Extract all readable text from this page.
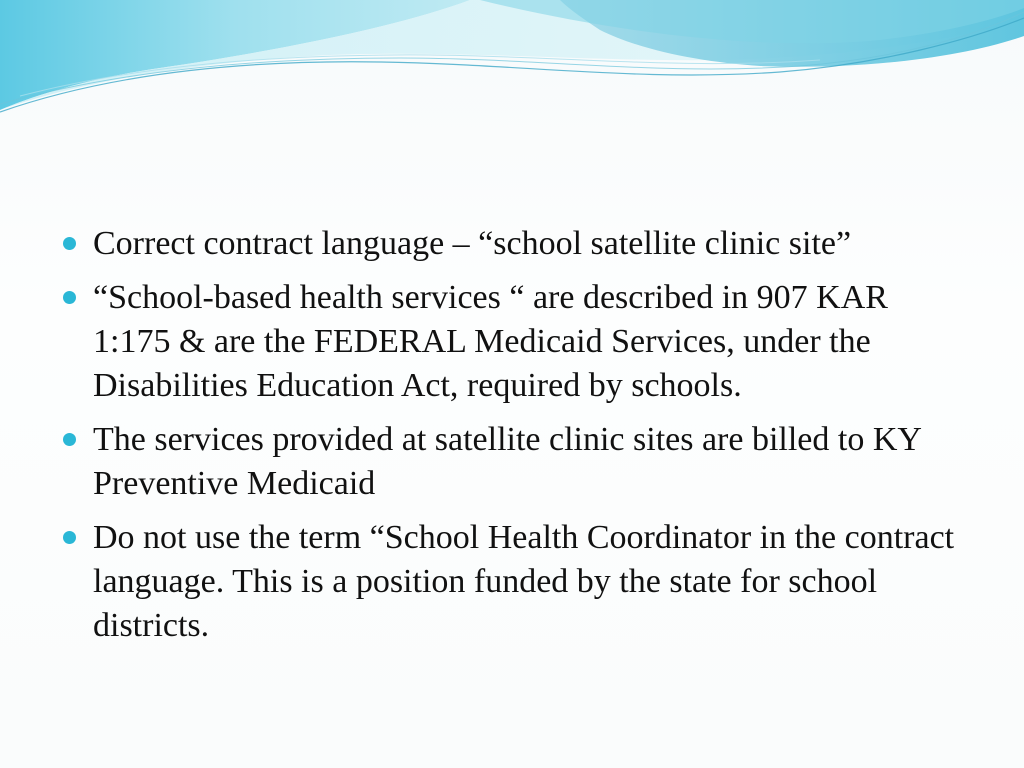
Correct contract language – “school satellite clinic site”
“School-based health services “ are described in 907 KAR 1:175 & are the FEDERAL Medicaid Services, under the Disabilities Education Act, required by schools.
The services provided at satellite clinic sites are billed to KY Preventive Medicaid
Do not use the term “School Health Coordinator in the contract language. This is a position funded by the state for school districts.
